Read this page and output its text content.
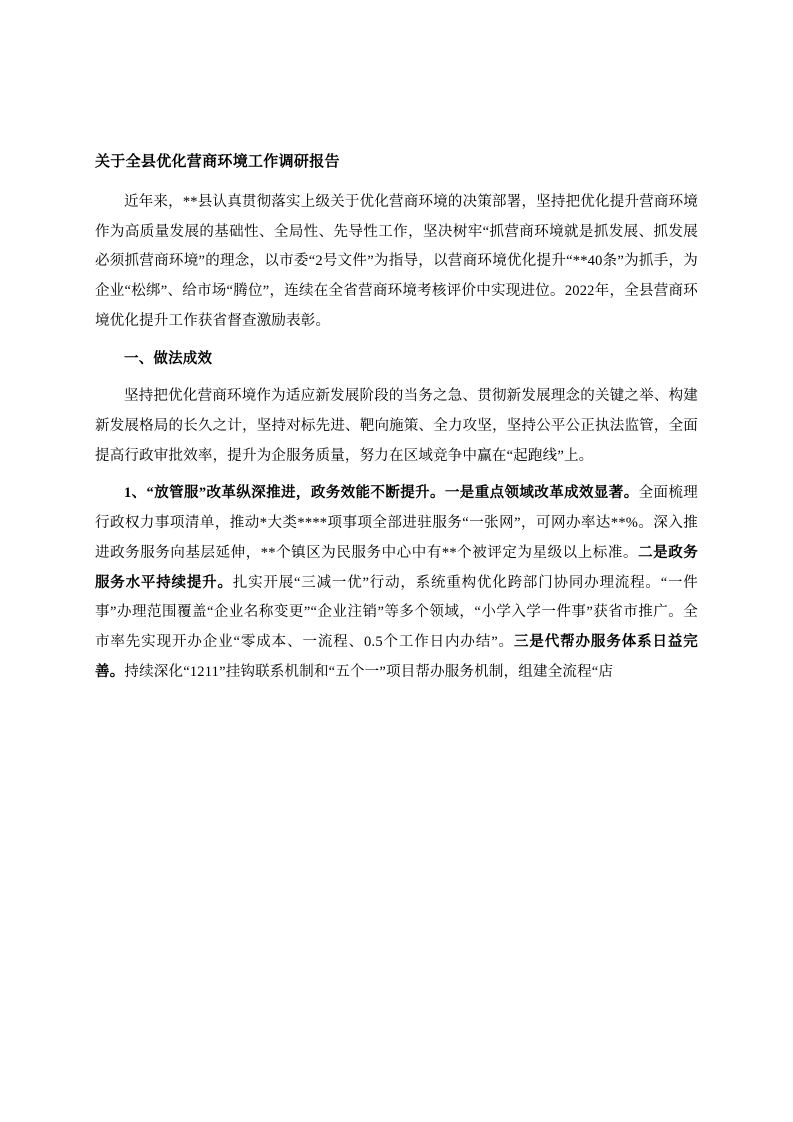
关于全县优化营商环境工作调研报告

近年来，**县认真贯彻落实上级关于优化营商环境的决策部署，坚持把优化提升营商环境作为高质量发展的基础性、全局性、先导性工作，坚决树牢“抓营商环境就是抓发展、抓发展必须抓营商环境”的理念，以市委“2号文件”为指导，以营商环境优化提升“**40条”为抓手，为企业“松绑”、给市场“腾位”，连续在全省营商环境考核评价中实现进位。2022年，全县营商环境优化提升工作获省督查激励表彰。

一、做法成效

坚持把优化营商环境作为适应新发展阶段的当务之急、贯彻新发展理念的关键之举、构建新发展格局的长久之计，坚持对标先进、靶向施策、全力攻坚，坚持公平公正执法监管，全面提高行政审批效率，提升为企服务质量，努力在区域竞争中赢在“起跑线”上。

1、“放管服”改革纵深推进，政务效能不断提升。一是重点领域改革成效显著。全面梳理行政权力事项清单，推动*大类****项事项全部进驻服务“一张网”，可网办率达**%。深入推进政务服务向基层延伸，**个镇区为民服务中心中有**个被评定为星级以上标准。二是政务服务水平持续提升。扎实开展“三减一优”行动，系统重构优化跨部门协同办理流程。“一件事”办理范围覆盖“企业名称变更”“企业注销”等多个领域，“小学入学一件事”获省市推广。全市率先实现开办企业“零成本、一流程、0.5个工作日内办结”。三是代帮办服务体系日益完善。持续深化“1211”挂钩联系机制和“五个一”项目帮办服务机制，组建全流程“店
